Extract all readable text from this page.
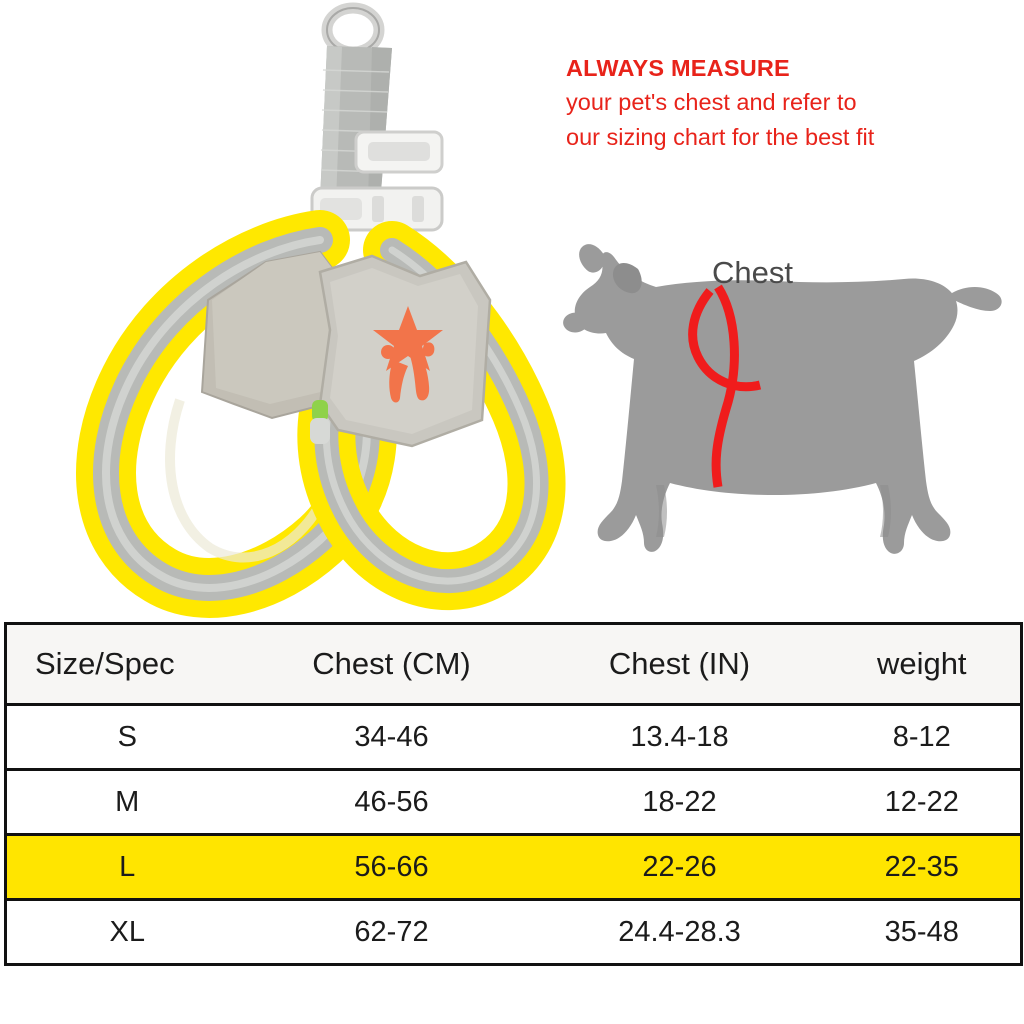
ALWAYS MEASURE
your pet's chest and refer to
our sizing chart for the best fit
Chest
Size/Spec	Chest (CM)	Chest (IN)	weight
S	34-46	13.4-18	8-12
M	46-56	18-22	12-22
L	56-66	22-26	22-35
XL	62-72	24.4-28.3	35-48
